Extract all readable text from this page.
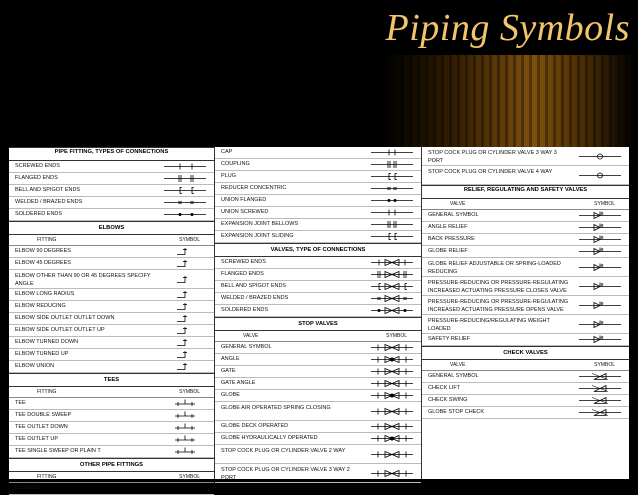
Piping Symbols
PIPE FITTING, TYPES OF CONNECTIONS
SCREWED ENDS
FLANGED ENDS
BELL AND SPIGOT ENDS
WELDED / BRAZED ENDS
SOLDERED ENDS
ELBOWS
FITTING	SYMBOL
ELBOW 90 DEGREES
ELBOW 45 DEGREES
ELBOW OTHER THAN 90 OR 45 DEGREES SPECIFY ANGLE
ELBOW LONG RADIUS
ELBOW REDUCING
ELBOW SIDE OUTLET OUTLET DOWN
ELBOW SIDE OUTLET OUTLET UP
ELBOW TURNED DOWN
ELBOW TURNED UP
ELBOW UNION
TEES
FITTING	SYMBOL
TEE
TEE DOUBLE SWEEP
TEE OUTLET DOWN
TEE OUTLET UP
TEE SINGLE SWEEP OR PLAIN T
OTHER PIPE FITTINGS
FITTING	SYMBOL
BUSHING
CAP
COUPLING
PLUG
REDUCER CONCENTRIC
UNION FLANGED
UNION SCREWED
EXPANSION JOINT BELLOWS
EXPANSION JOINT SLIDING
VALVES, TYPE OF CONNECTIONS
SCREWED ENDS
FLANGED ENDS
BELL AND SPIGOT ENDS
WELDED / BRAZED ENDS
SOLDERED ENDS
STOP VALVES
VALVE	SYMBOL
GENERAL SYMBOL
ANGLE
GATE
GATE ANGLE
GLOBE
GLOBE AIR OPERATED SPRING CLOSING
GLOBE DECK OPERATED
GLOBE HYDRAULICALLY OPERATED
STOP COCK PLUG OR CYLINDER VALVE 2 WAY
STOP COCK PLUG OR CYLINDER VALVE 3 WAY 2 PORT
STOP COCK PLUG OR CYLINDER VALVE 3 WAY 3 PORT
STOP COCK PLUG OR CYLINDER VALVE 4 WAY
RELIEF, REGULATING AND SAFETY VALVES
VALVE	SYMBOL
GENERAL SYMBOL
ANGLE RELIEF
BACK PRESSURE
GLOBE RELIEF
GLOBE RELIEF ADJUSTABLE OR SPRING-LOADED REDUCING
PRESSURE-REDUCING OR PRESSURE-REGULATING INCREASED ACTUATING PRESSURE CLOSES VALVE
PRESSURE-REDUCING OR PRESSURE-REGULATING INCREASED ACTUATING PRESSURE OPENS VALVE
PRESSURE-REDUCING/REGULATING WEIGHT LOADED
SAFETY RELIEF
CHECK VALVES
VALVE	SYMBOL
GENERAL SYMBOL
CHECK LIFT
CHECK SWING
GLOBE STOP CHECK
